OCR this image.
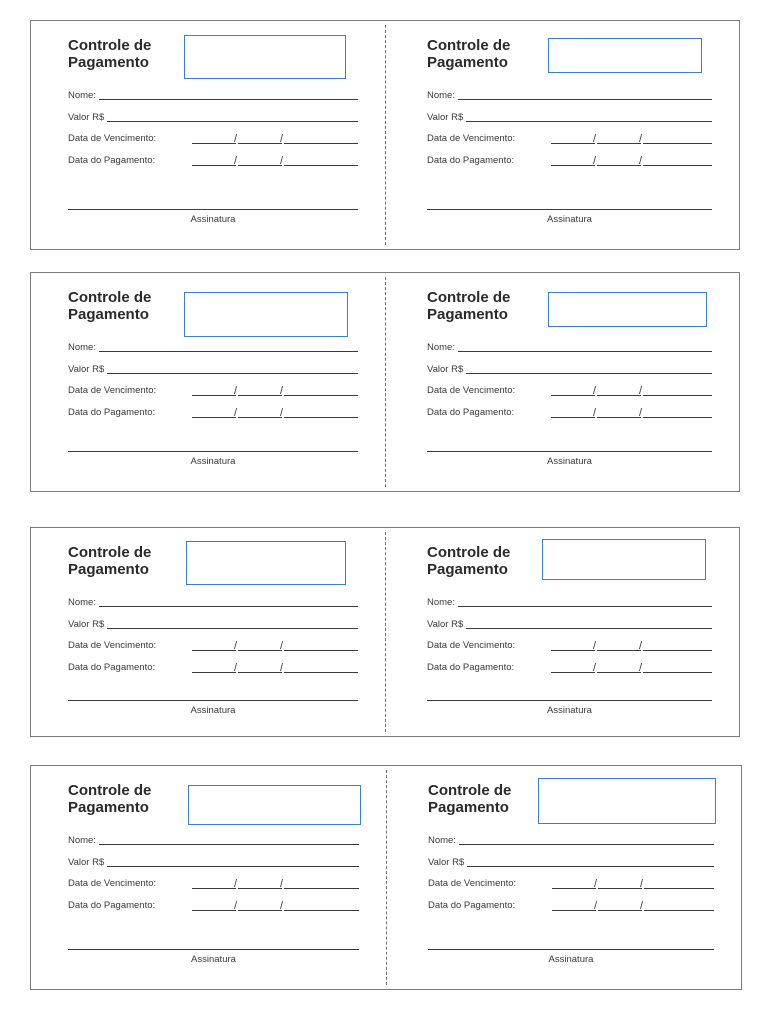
Controle de
Pagamento
Nome:
Valor R$
Data de Vencimento:	/	/
Data do Pagamento:	/	/
Assinatura
Controle de
Pagamento
Nome:
Valor R$
Data de Vencimento:	/	/
Data do Pagamento:	/	/
Assinatura
Controle de
Pagamento
Nome:
Valor R$
Data de Vencimento:	/	/
Data do Pagamento:	/	/
Assinatura
Controle de
Pagamento
Nome:
Valor R$
Data de Vencimento:	/	/
Data do Pagamento:	/	/
Assinatura
Controle de
Pagamento
Nome:
Valor R$
Data de Vencimento:	/	/
Data do Pagamento:	/	/
Assinatura
Controle de
Pagamento
Nome:
Valor R$
Data de Vencimento:	/	/
Data do Pagamento:	/	/
Assinatura
Controle de
Pagamento
Nome:
Valor R$
Data de Vencimento:	/	/
Data do Pagamento:	/	/
Assinatura
Controle de
Pagamento
Nome:
Valor R$
Data de Vencimento:	/	/
Data do Pagamento:	/	/
Assinatura
